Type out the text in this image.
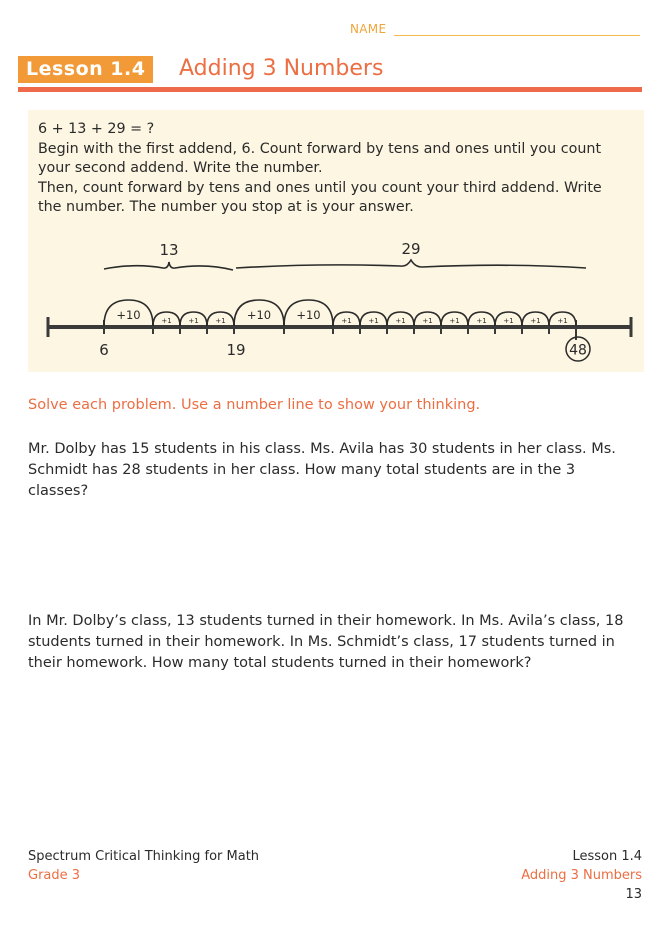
NAME
Lesson 1.4	Adding 3 Numbers
6 + 13 + 29 = ?
Begin with the first addend, 6. Count forward by tens and ones until you count
your second addend. Write the number.
Then, count forward by tens and ones until you count your third addend. Write
the number. The number you stop at is your answer.
13	29
+10	+1 +1 +1 +10 +10	+1 +1 +1 +1 +1 +1 +1 +1 +1
6	19	48
Solve each problem. Use a number line to show your thinking.
Mr. Dolby has 15 students in his class. Ms. Avila has 30 students in her class. Ms. Schmidt has 28 students in her class. How many total students are in the 3 classes?
In Mr. Dolby’s class, 13 students turned in their homework. In Ms. Avila’s class, 18 students turned in their homework. In Ms. Schmidt’s class, 17 students turned in their homework. How many total students turned in their homework?
Spectrum Critical Thinking for Math
Grade 3
Lesson 1.4
Adding 3 Numbers
13
